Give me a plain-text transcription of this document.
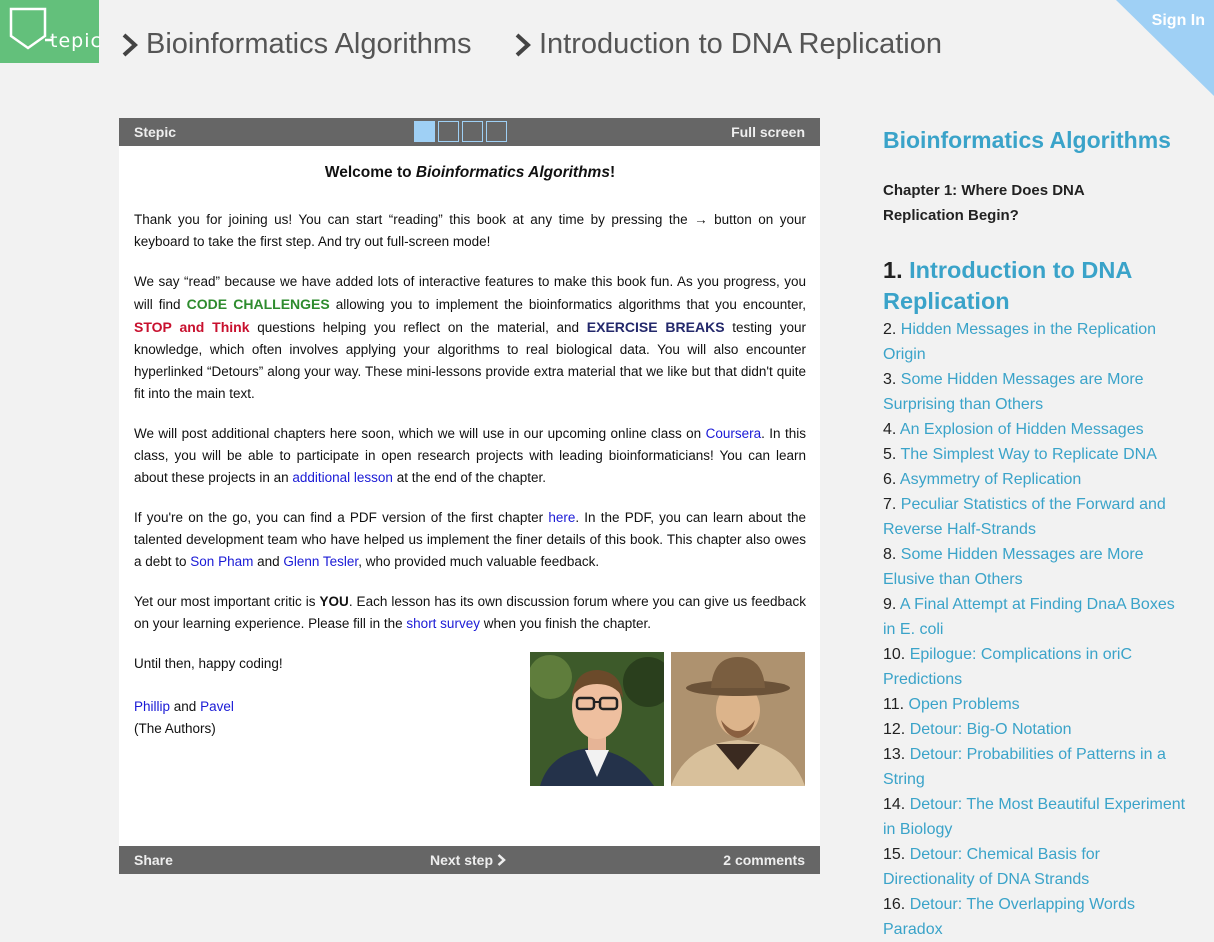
tepic	Bioinformatics Algorithms	Introduction to DNA Replication
Sign In
Stepic	Full screen
Welcome to Bioinformatics Algorithms!

Thank you for joining us! You can start “reading” this book at any time by pressing the → button on your keyboard to take the first step. And try out full-screen mode!

We say “read” because we have added lots of interactive features to make this book fun. As you progress, you will find CODE CHALLENGES allowing you to implement the bioinformatics algorithms that you encounter, STOP and Think questions helping you reflect on the material, and EXERCISE BREAKS testing your knowledge, which often involves applying your algorithms to real biological data. You will also encounter hyperlinked “Detours” along your way. These mini-lessons provide extra material that we like but that didn't quite fit into the main text.

We will post additional chapters here soon, which we will use in our upcoming online class on Coursera. In this class, you will be able to participate in open research projects with leading bioinformaticians! You can learn about these projects in an additional lesson at the end of the chapter.

If you're on the go, you can find a PDF version of the first chapter here. In the PDF, you can learn about the talented development team who have helped us implement the finer details of this book. This chapter also owes a debt to Son Pham and Glenn Tesler, who provided much valuable feedback.

Yet our most important critic is YOU. Each lesson has its own discussion forum where you can give us feedback on your learning experience. Please fill in the short survey when you finish the chapter.

Until then, happy coding!

Phillip and Pavel
(The Authors)

Share	Next step	2 comments
Bioinformatics Algorithms
Chapter 1: Where Does DNA Replication Begin?
1. Introduction to DNA Replication
2. Hidden Messages in the Replication Origin
3. Some Hidden Messages are More Surprising than Others
4. An Explosion of Hidden Messages
5. The Simplest Way to Replicate DNA
6. Asymmetry of Replication
7. Peculiar Statistics of the Forward and Reverse Half-Strands
8. Some Hidden Messages are More Elusive than Others
9. A Final Attempt at Finding DnaA Boxes in E. coli
10. Epilogue: Complications in oriC Predictions
11. Open Problems
12. Detour: Big-O Notation
13. Detour: Probabilities of Patterns in a String
14. Detour: The Most Beautiful Experiment in Biology
15. Detour: Chemical Basis for Directionality of DNA Strands
16. Detour: The Overlapping Words Paradox
